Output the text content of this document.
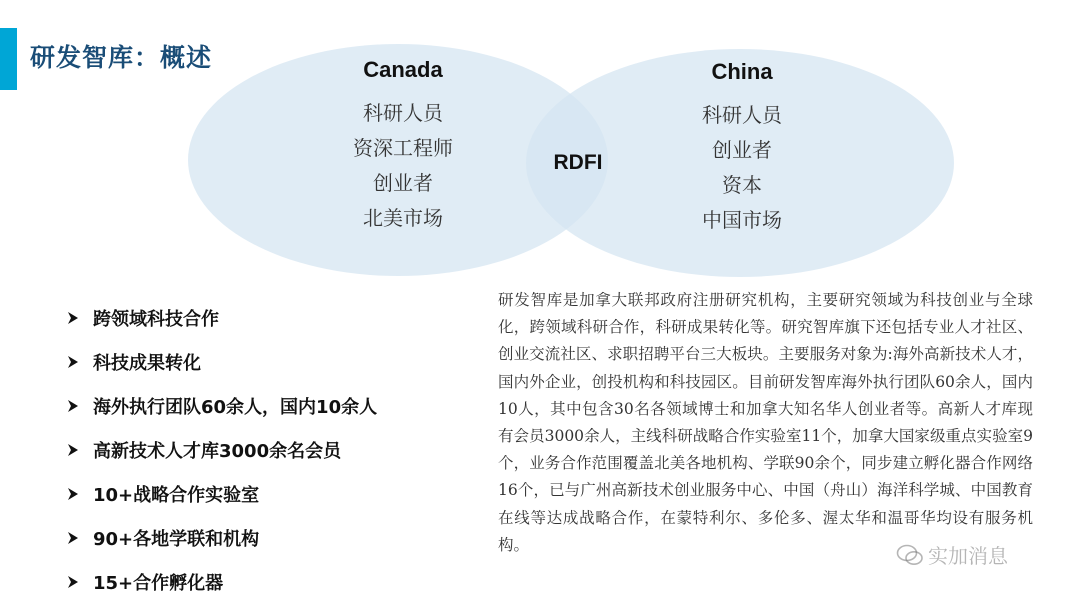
研发智库：概述	Canada
科研人员
资深工程师
创业者
北美市场
China
科研人员
创业者
资本
中国市场
RDFI
跨领域科技合作
科技成果转化
海外执行团队60余人，国内10余人
高新技术人才库3000余名会员
10+战略合作实验室
90+各地学联和机构
15+合作孵化器
研发智库是加拿大联邦政府注册研究机构，主要研究领域为科技创业与全球化，跨领域科研合作，科研成果转化等。研究智库旗下还包括专业人才社区、创业交流社区、求职招聘平台三大板块。主要服务对象为:海外高新技术人才，国内外企业，创投机构和科技园区。目前研发智库海外执行团队60余人，国内10人，其中包含30名各领域博士和加拿大知名华人创业者等。高新人才库现有会员3000余人，主线科研战略合作实验室11个，加拿大国家级重点实验室9个，业务合作范围覆盖北美各地机构、学联90余个，同步建立孵化器合作网络16个，已与广州高新技术创业服务中心、中国（舟山）海洋科学城、中国教育在线等达成战略合作，在蒙特利尔、多伦多、渥太华和温哥华均设有服务机构。	实加消息
